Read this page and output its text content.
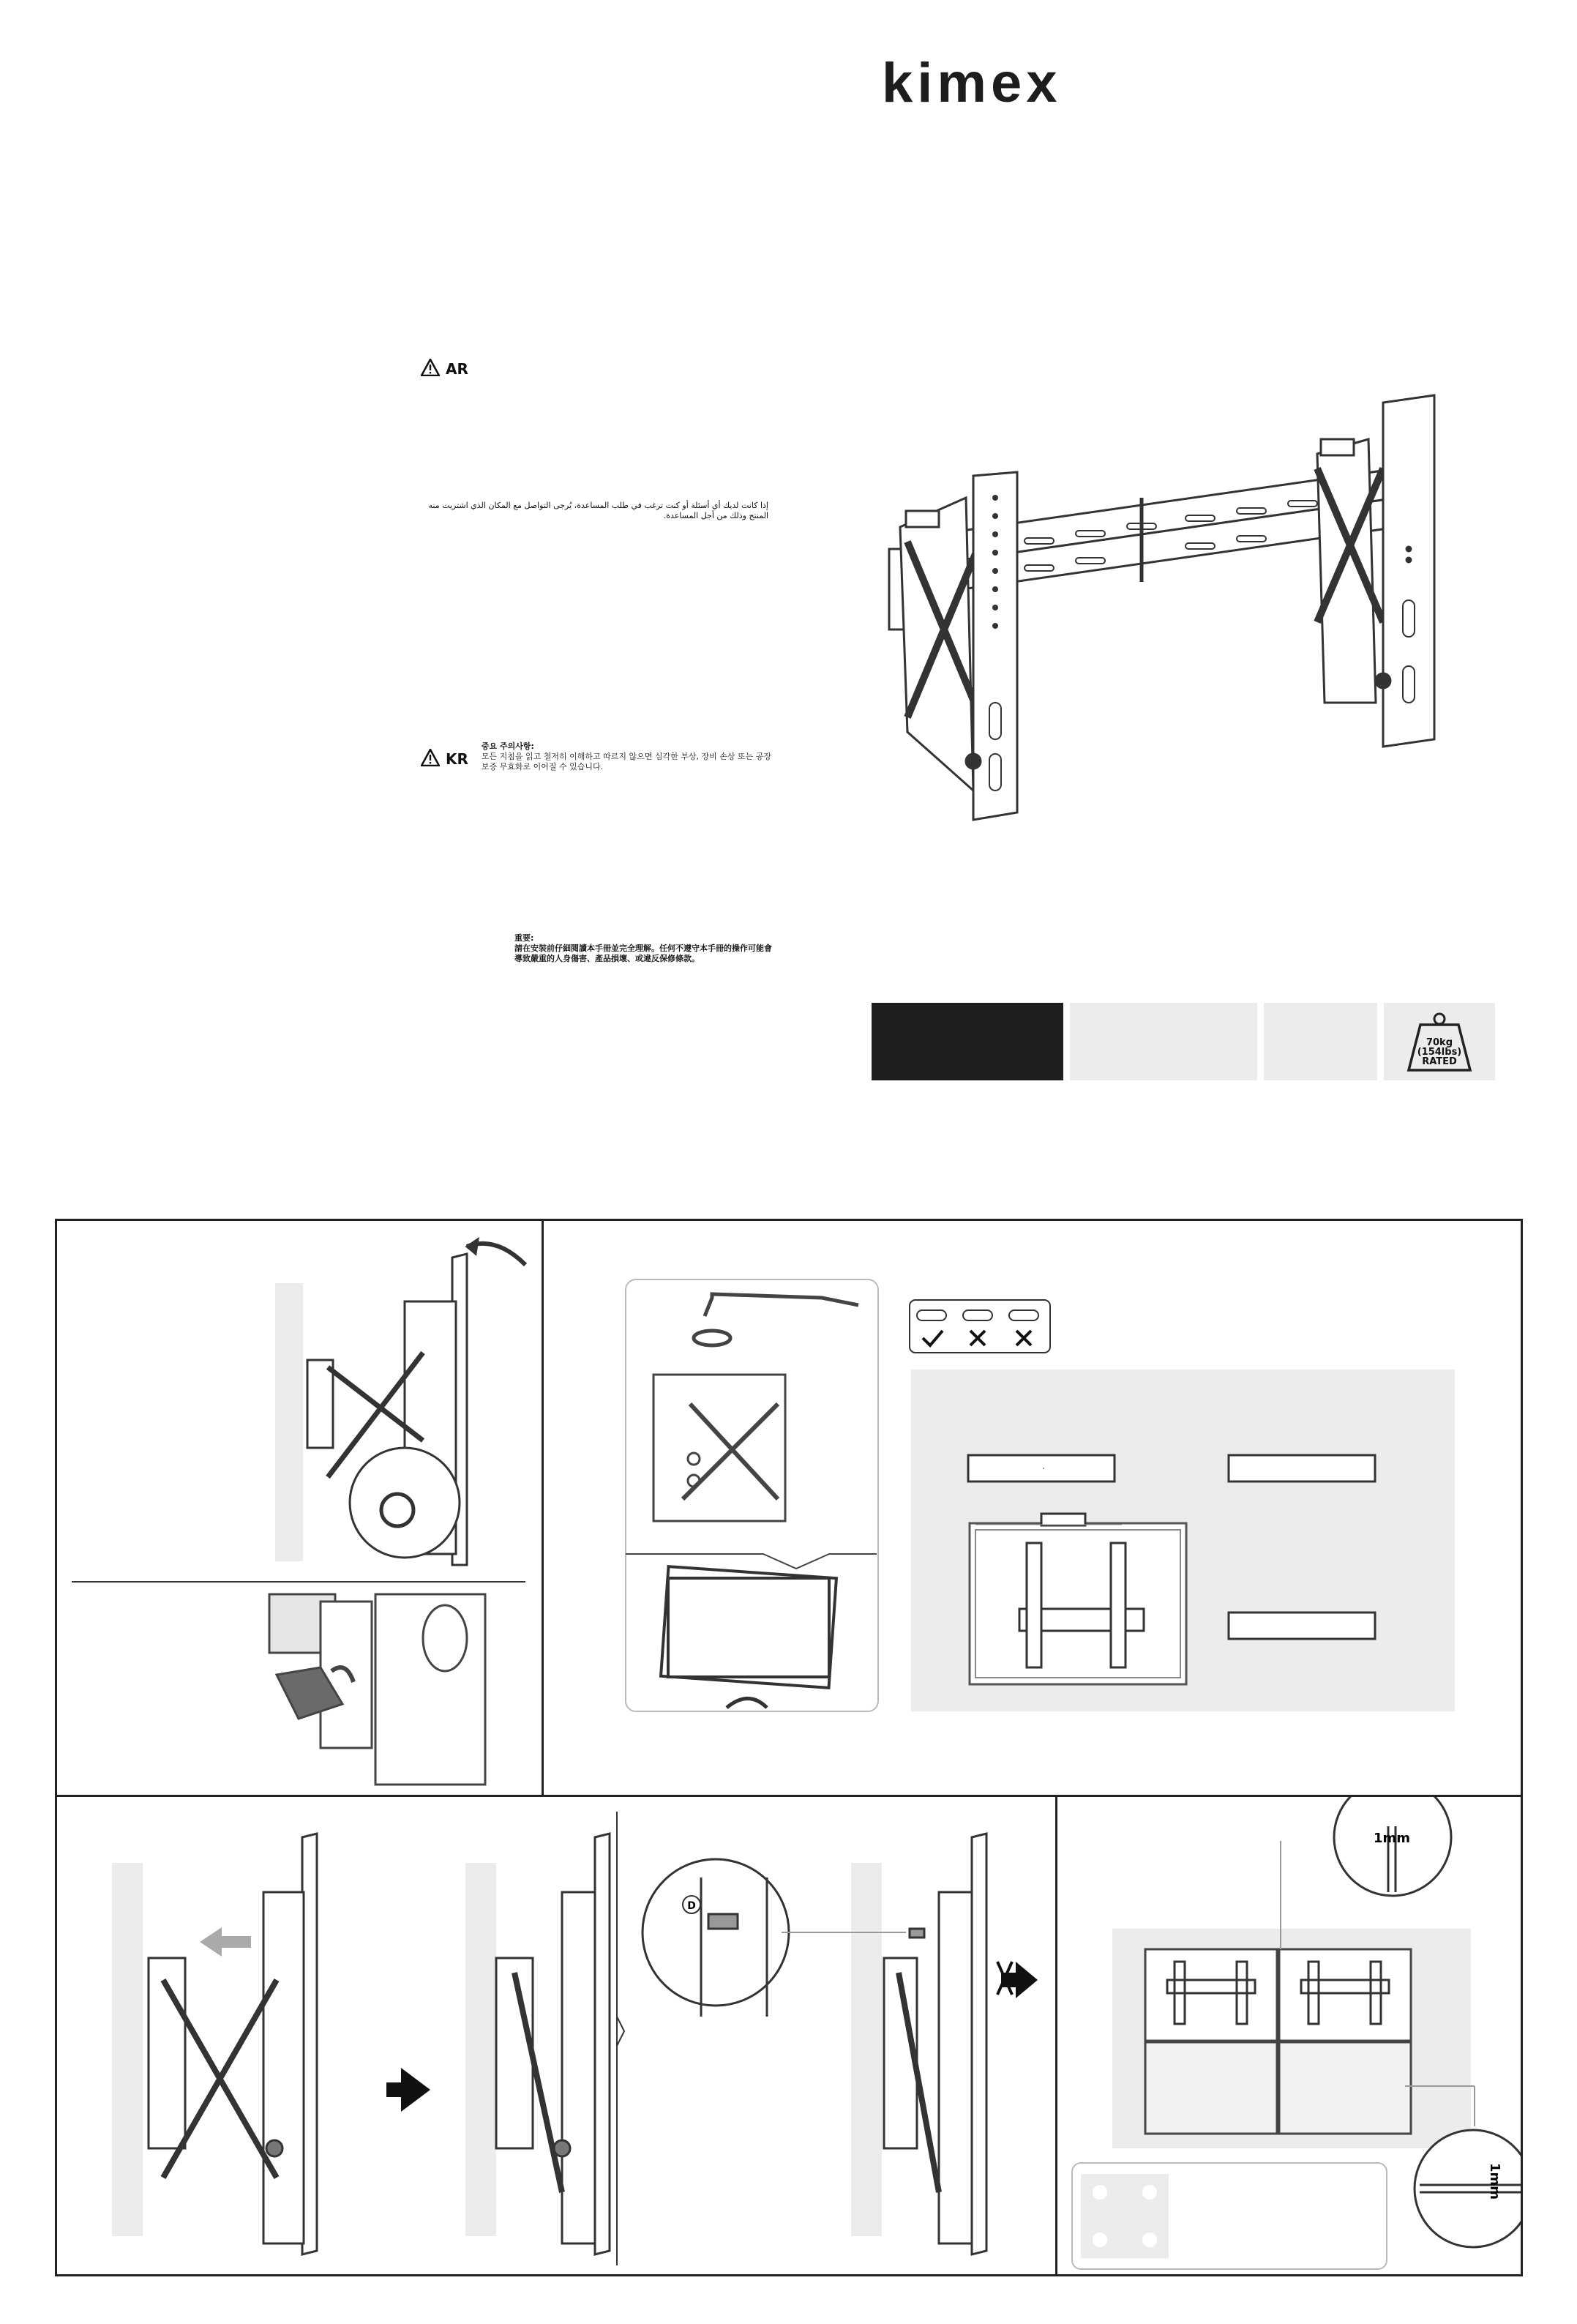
kimex
AR
إذا كانت لديك أي أسئلة أو كنت ترغب في طلب المساعدة، يُرجى التواصل مع المكان الذي اشتريت منه المنتج وذلك من أجل المساعدة.
KR
중요 주의사항:
모든 지침을 읽고 철저히 이해하고 따르지 않으면 심각한 부상, 장비 손상 또는 공장
보증 무효화로 이어질 수 있습니다.
重要:
請在安裝前仔細閱讀本手冊並完全理解。任何不遵守本手冊的操作可能會
導致嚴重的人身傷害、產品損壞、或違反保修條款。
70kg
(154lbs)
RATED
D
1mm
1mm
